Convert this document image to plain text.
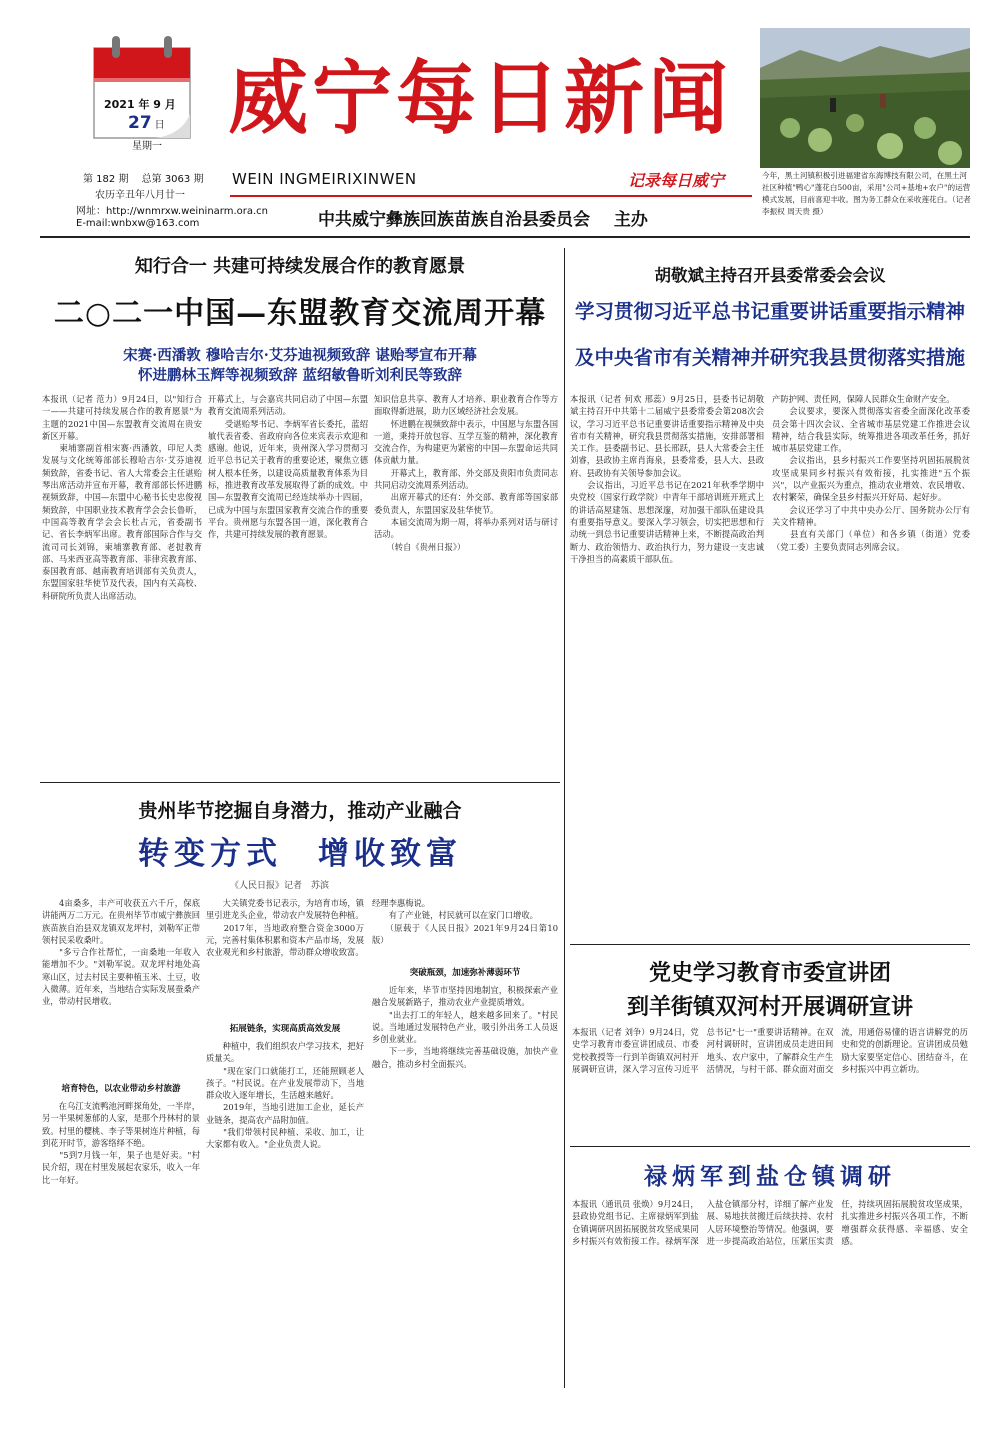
2021 年 9 月
27 日
星期一
第 182 期 总第 3063 期
农历辛丑年八月廿一
网址：http://wnmrxw.weininarm.ora.cn
E-mail:wnbxw@163.com
威宁每日新闻
WEIN INGMEIRIXINWEN	记录每日威宁
中共威宁彝族回族苗族自治县委员会 主办
今年，黑土河镇积极引进福建省东海博技有限公司，在黑土河社区种植"鸭心"蓬花白500亩，采用"公司+基地+农户"的运营模式发展，目前喜迎丰收。图为务工群众在采收莲花白。（记者 李振权 周天贵 摄）
知行合一 共建可持续发展合作的教育愿景
二○二一中国—东盟教育交流周开幕
宋赛·西潘敦 穆哈吉尔·艾芬迪视频致辞 谌贻琴宣布开幕
怀进鹏林玉辉等视频致辞 蓝绍敏鲁昕刘利民等致辞
本报讯（记者 范力）9月24日，以"知行合一——共建可持续发展合作的教育愿景"为主题的2021中国—东盟教育交流周在贵安新区开幕。
　　柬埔寨副首相宋赛·西潘敦，印尼人类发展与文化统筹部部长穆哈吉尔·艾芬迪视频致辞，省委书记、省人大常委会主任谌贻琴出席活动并宣布开幕，教育部部长怀进鹏视频致辞，中国—东盟中心秘书长史忠俊视频致辞，中国职业技术教育学会会长鲁昕，中国高等教育学会会长杜占元，省委副书记、省长李炳军出席。教育部国际合作与交流司司长刘锦，柬埔寨教育部、老挝教育部、马来西亚高等教育部、菲律宾教育部、泰国教育部、越南教育培训部有关负责人，东盟国家驻华使节及代表，国内有关高校、科研院所负责人出席活动。
开幕式上，与会嘉宾共同启动了中国—东盟教育交流周系列活动。
　　受谌贻琴书记、李炳军省长委托，蓝绍敏代表省委、省政府向各位来宾表示欢迎和感谢。他说，近年来，贵州深入学习贯彻习近平总书记关于教育的重要论述，聚焦立德树人根本任务，以建设高质量教育体系为目标，推进教育改革发展取得了新的成效。中国—东盟教育交流周已经连续举办十四届，已成为中国与东盟国家教育交流合作的重要平台。贵州愿与东盟各国一道，深化教育合作，共建可持续发展的教育愿景。
知识信息共享、教育人才培养、职业教育合作等方面取得新进展，助力区域经济社会发展。
　　怀进鹏在视频致辞中表示，中国愿与东盟各国一道，秉持开放包容、互学互鉴的精神，深化教育交流合作，为构建更为紧密的中国—东盟命运共同体贡献力量。
　　开幕式上，教育部、外交部及贵阳市负责同志共同启动交流周系列活动。
　　出席开幕式的还有：外交部、教育部等国家部委负责人，东盟国家及驻华使节。
　　本届交流周为期一周，将举办系列对话与研讨活动。
　　（转自《贵州日报》）
胡敬斌主持召开县委常委会会议
学习贯彻习近平总书记重要讲话重要指示精神
及中央省市有关精神并研究我县贯彻落实措施
本报讯（记者 何欢 邢蕊）9月25日，县委书记胡敬斌主持召开中共第十二届威宁县委常委会第208次会议，学习习近平总书记重要讲话重要指示精神及中央省市有关精神，研究我县贯彻落实措施，安排部署相关工作。县委副书记、县长邢跃，县人大常委会主任刘睿，县政协主席肖海泉，县委常委，县人大、县政府、县政协有关领导参加会议。
　　会议指出，习近平总书记在2021年秋季学期中央党校（国家行政学院）中青年干部培训班开班式上的讲话高屋建瓴、思想深邃，对加强干部队伍建设具有重要指导意义。要深入学习领会，切实把思想和行动统一到总书记重要讲话精神上来，不断提高政治判断力、政治领悟力、政治执行力，努力建设一支忠诚干净担当的高素质干部队伍。
产防护网、责任网，保障人民群众生命财产安全。
　　会议要求，要深入贯彻落实省委全面深化改革委员会第十四次会议、全省城市基层党建工作推进会议精神，结合我县实际，统筹推进各项改革任务，抓好城市基层党建工作。
　　会议指出，县乡村振兴工作要坚持巩固拓展脱贫攻坚成果同乡村振兴有效衔接，扎实推进"五个振兴"，以产业振兴为重点，推动农业增效、农民增收、农村繁荣，确保全县乡村振兴开好局、起好步。
　　会议还学习了中共中央办公厅、国务院办公厅有关文件精神。
　　县直有关部门（单位）和各乡镇（街道）党委（党工委）主要负责同志列席会议。
贵州毕节挖掘自身潜力，推动产业融合
转变方式　增收致富
《人民日报》记者　苏滨
　　4亩桑多，丰产可收获五六千斤，保底讲能两万二万元。在贵州毕节市威宁彝族回族苗族自治县双龙镇双龙坪村，刘勒军正带领村民采收桑叶。
　　"多亏合作社帮忙，一亩桑地一年收入能增加不少。"刘勒军说。双龙坪村地处高寒山区，过去村民主要种植玉米、土豆，收入微薄。近年来，当地结合实际发展蚕桑产业，带动村民增收。
培育特色，以农业带动乡村旅游
　　在乌江支流鸭池河畔探角处，一半岸，另一半果树葱郁的人家，是那个丹林村的景致。村里的樱桃、李子等果树连片种植，每到花开时节，游客络绎不绝。
　　"5到7月钱一年，果子也是好卖。"村民介绍，现在村里发展起农家乐，收入一年比一年好。
　　大关镇党委书记表示，为培育市场，镇里引进龙头企业，带动农户发展特色种植。
　　2017年，当地政府整合资金3000万元，完善村集体积累和资本产品市场，发展农业观光和乡村旅游，带动群众增收致富。
拓展链条，实现高质高效发展
　　种植中，我们组织农户学习技术，把好质量关。
　　"现在家门口就能打工，还能照顾老人孩子。"村民说。在产业发展带动下，当地群众收入逐年增长，生活越来越好。
　　2019年，当地引进加工企业，延长产业链条，提高农产品附加值。
　　"我们带领村民种植、采收、加工，让大家都有收入。"企业负责人说。
经理李惠梅说。
　　有了产业链，村民就可以在家门口增收。
　　（原载于《人民日报》2021年9月24日第10版）
突破瓶颈，加速弥补薄弱环节
　　近年来，毕节市坚持因地制宜，积极探索产业融合发展新路子，推动农业产业提质增效。
　　"出去打工的年轻人，越来越多回来了。"村民说。当地通过发展特色产业，吸引外出务工人员返乡创业就业。
　　下一步，当地将继续完善基础设施，加快产业融合，推动乡村全面振兴。
党史学习教育市委宣讲团
到羊街镇双河村开展调研宣讲
本报讯（记者 刘争）9月24日，党史学习教育市委宣讲团成员、市委党校教授等一行到羊街镇双河村开展调研宣讲，深入学习宣传习近平总书记"七一"重要讲话精神。在双河村调研时，宣讲团成员走进田间地头、农户家中，了解群众生产生活情况，与村干部、群众面对面交流，用通俗易懂的语言讲解党的历史和党的创新理论。宣讲团成员勉励大家要坚定信心、团结奋斗，在乡村振兴中再立新功。
禄炳军到盐仓镇调研
本报讯（通讯员 张焕）9月24日，县政协党组书记、主席禄炳军到盐仓镇调研巩固拓展脱贫攻坚成果同乡村振兴有效衔接工作。禄炳军深入盐仓镇部分村，详细了解产业发展、易地扶贫搬迁后续扶持、农村人居环境整治等情况。他强调，要进一步提高政治站位，压紧压实责任，持续巩固拓展脱贫攻坚成果，扎实推进乡村振兴各项工作，不断增强群众获得感、幸福感、安全感。
